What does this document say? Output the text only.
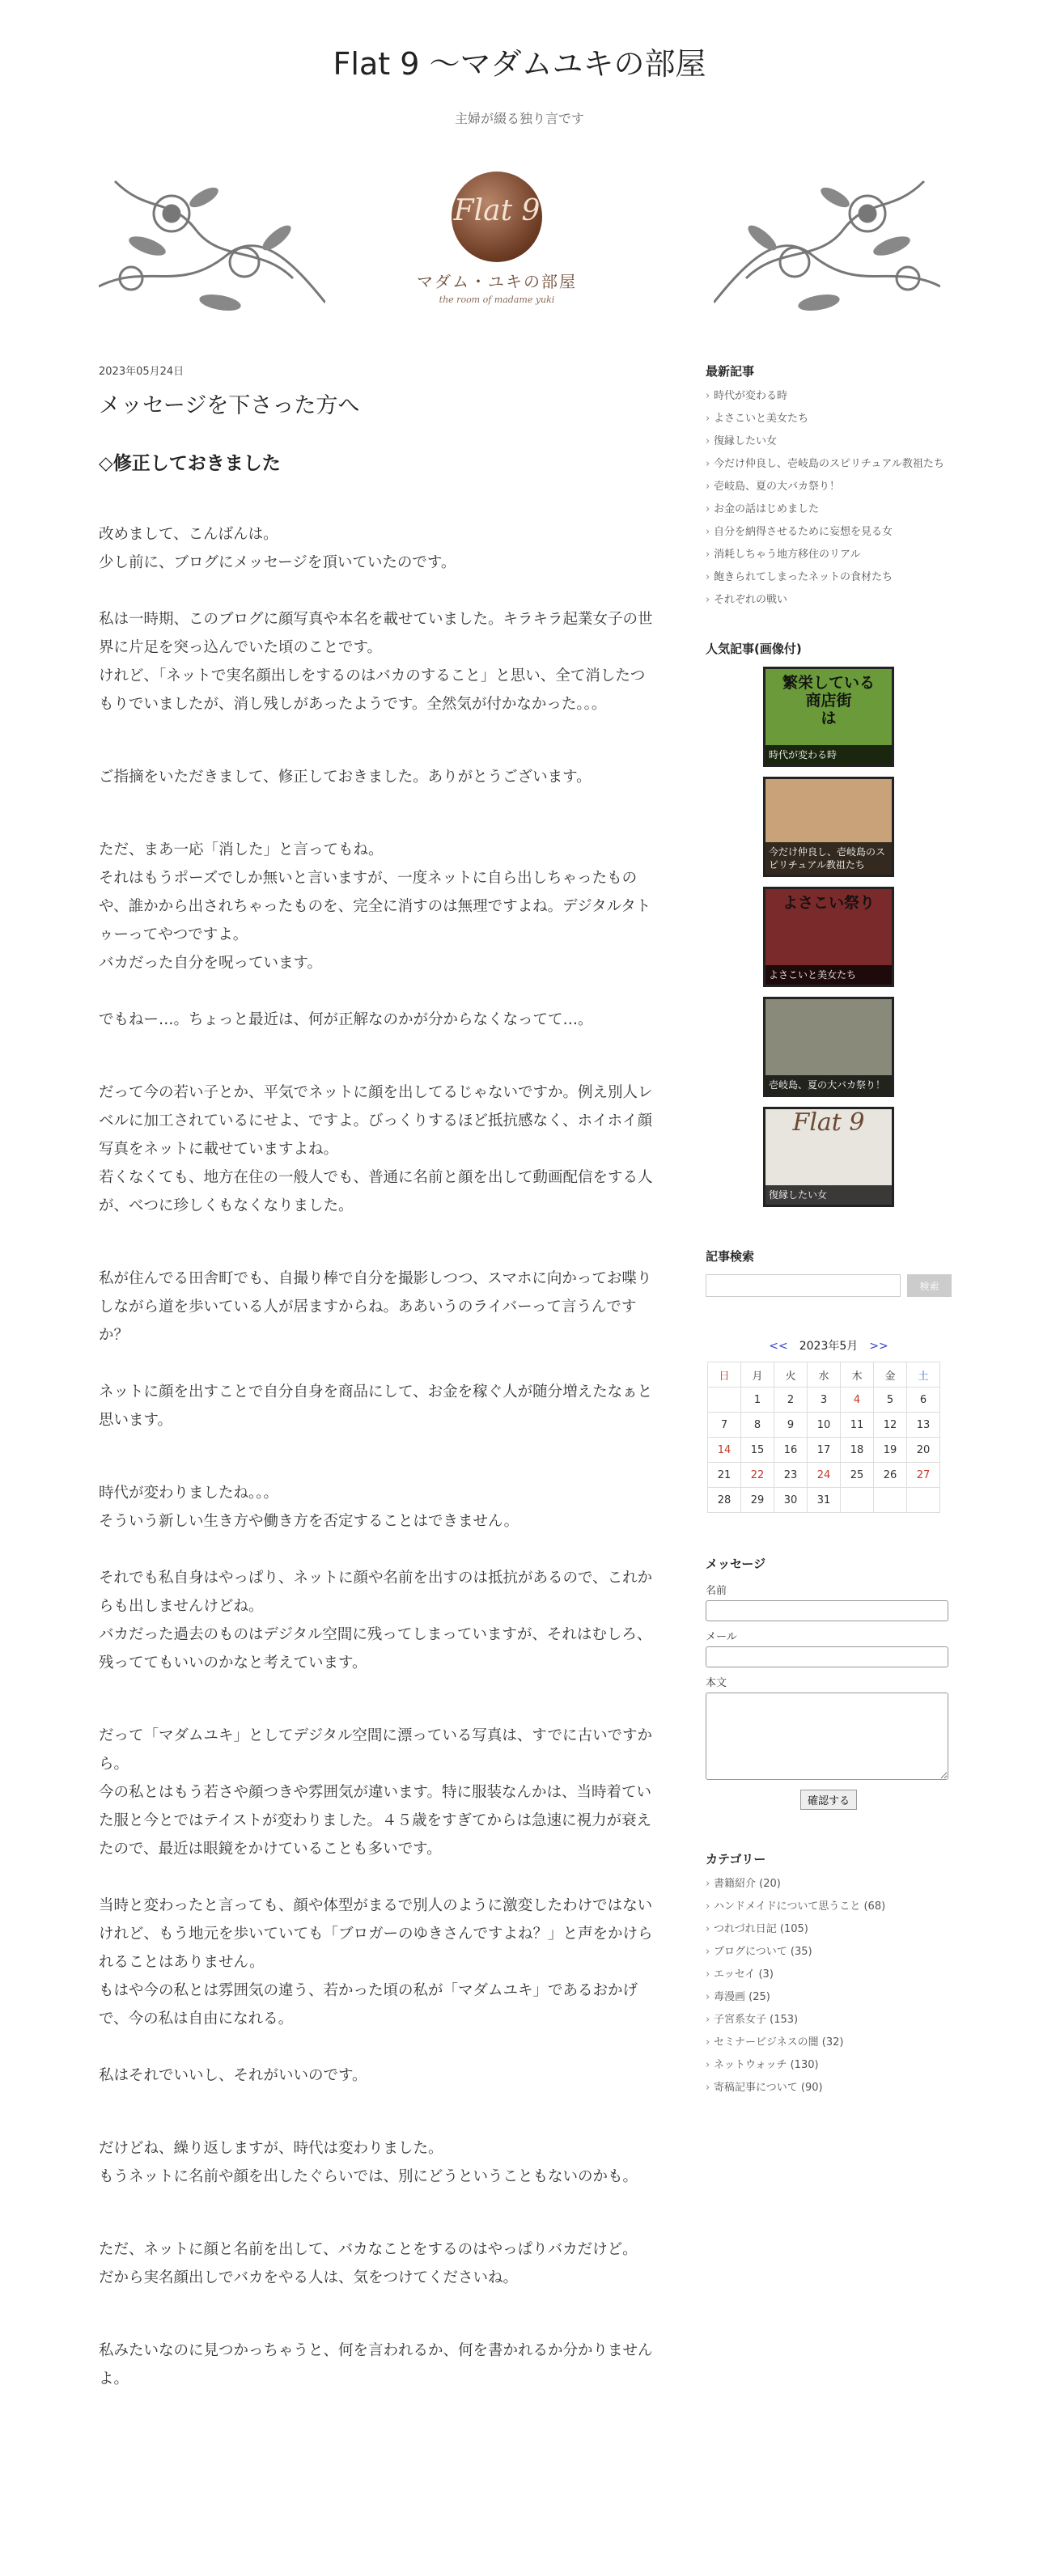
Flat 9 〜マダムユキの部屋
主婦が綴る独り言です
Flat 9
マダム・ユキの部屋
the room of madame yuki
2023年05月24日
メッセージを下さった方へ
◇修正しておきました

改めまして、こんばんは。
少し前に、ブログにメッセージを頂いていたのです。

私は一時期、このブログに顔写真や本名を載せていました。キラキラ起業女子の世界に片足を突っ込んでいた頃のことです。
けれど、「ネットで実名顔出しをするのはバカのすること」と思い、全て消したつもりでいましたが、消し残しがあったようです。全然気が付かなかった。。。

ご指摘をいただきまして、修正しておきました。ありがとうございます。

ただ、まあ一応「消した」と言ってもね。
それはもうポーズでしか無いと言いますが、一度ネットに自ら出しちゃったものや、誰かから出されちゃったものを、完全に消すのは無理ですよね。デジタルタトゥーってやつですよ。
バカだった自分を呪っています。

でもねー…。ちょっと最近は、何が正解なのかが分からなくなってて…。

だって今の若い子とか、平気でネットに顔を出してるじゃないですか。例え別人レベルに加工されているにせよ、ですよ。びっくりするほど抵抗感なく、ホイホイ顔写真をネットに載せていますよね。
若くなくても、地方在住の一般人でも、普通に名前と顔を出して動画配信をする人が、べつに珍しくもなくなりました。

私が住んでる田舎町でも、自撮り棒で自分を撮影しつつ、スマホに向かってお喋りしながら道を歩いている人が居ますからね。ああいうのライバーって言うんですか？

ネットに顔を出すことで自分自身を商品にして、お金を稼ぐ人が随分増えたなぁと思います。

時代が変わりましたね。。。
そういう新しい生き方や働き方を否定することはできません。

それでも私自身はやっぱり、ネットに顔や名前を出すのは抵抗があるので、これからも出しませんけどね。
バカだった過去のものはデジタル空間に残ってしまっていますが、それはむしろ、残っててもいいのかなと考えています。

だって「マダムユキ」としてデジタル空間に漂っている写真は、すでに古いですから。
今の私とはもう若さや顔つきや雰囲気が違います。特に服装なんかは、当時着ていた服と今とではテイストが変わりました。４５歳をすぎてからは急速に視力が衰えたので、最近は眼鏡をかけていることも多いです。

当時と変わったと言っても、顔や体型がまるで別人のように激変したわけではないけれど、もう地元を歩いていても「ブロガーのゆきさんですよね？」と声をかけられることはありません。
もはや今の私とは雰囲気の違う、若かった頃の私が「マダムユキ」であるおかげで、今の私は自由になれる。

私はそれでいいし、それがいいのです。

だけどね、繰り返しますが、時代は変わりました。
もうネットに名前や顔を出したぐらいでは、別にどうということもないのかも。

ただ、ネットに顔と名前を出して、バカなことをするのはやっぱりバカだけど。
だから実名顔出しでバカをやる人は、気をつけてくださいね。

私みたいなのに見つかっちゃうと、何を言われるか、何を書かれるか分かりませんよ。

最新記事
› 時代が変わる時
› よさこいと美女たち
› 復縁したい女
› 今だけ仲良し、壱岐島のスピリチュアル教祖たち
› 壱岐島、夏の大バカ祭り！
› お金の話はじめました
› 自分を納得させるために妄想を見る女
› 消耗しちゃう地方移住のリアル
› 飽きられてしまったネットの食材たち
› それぞれの戦い
人気記事(画像付)
繁栄している
商店街
は
時代が変わる時
今だけ仲良し、壱岐島のスピリチュアル教祖たち
よさこい祭り
よさこいと美女たち
壱岐島、夏の大バカ祭り！
Flat 9
復縁したい女
記事検索
検索
<< 2023年5月 >>
日	月	火	水	木	金	土
	1	2	3	4	5	6
7	8	9	10	11	12	13
14	15	16	17	18	19	20
21	22	23	24	25	26	27
28	29	30	31			
メッセージ
名前
メール
本文
確認する
カテゴリー
› 書籍紹介 (20)
› ハンドメイドについて思うこと (68)
› つれづれ日記 (105)
› ブログについて (35)
› エッセイ (3)
› 毒漫画 (25)
› 子宮系女子 (153)
› セミナービジネスの闇 (32)
› ネットウォッチ (130)
› 寄稿記事について (90)
